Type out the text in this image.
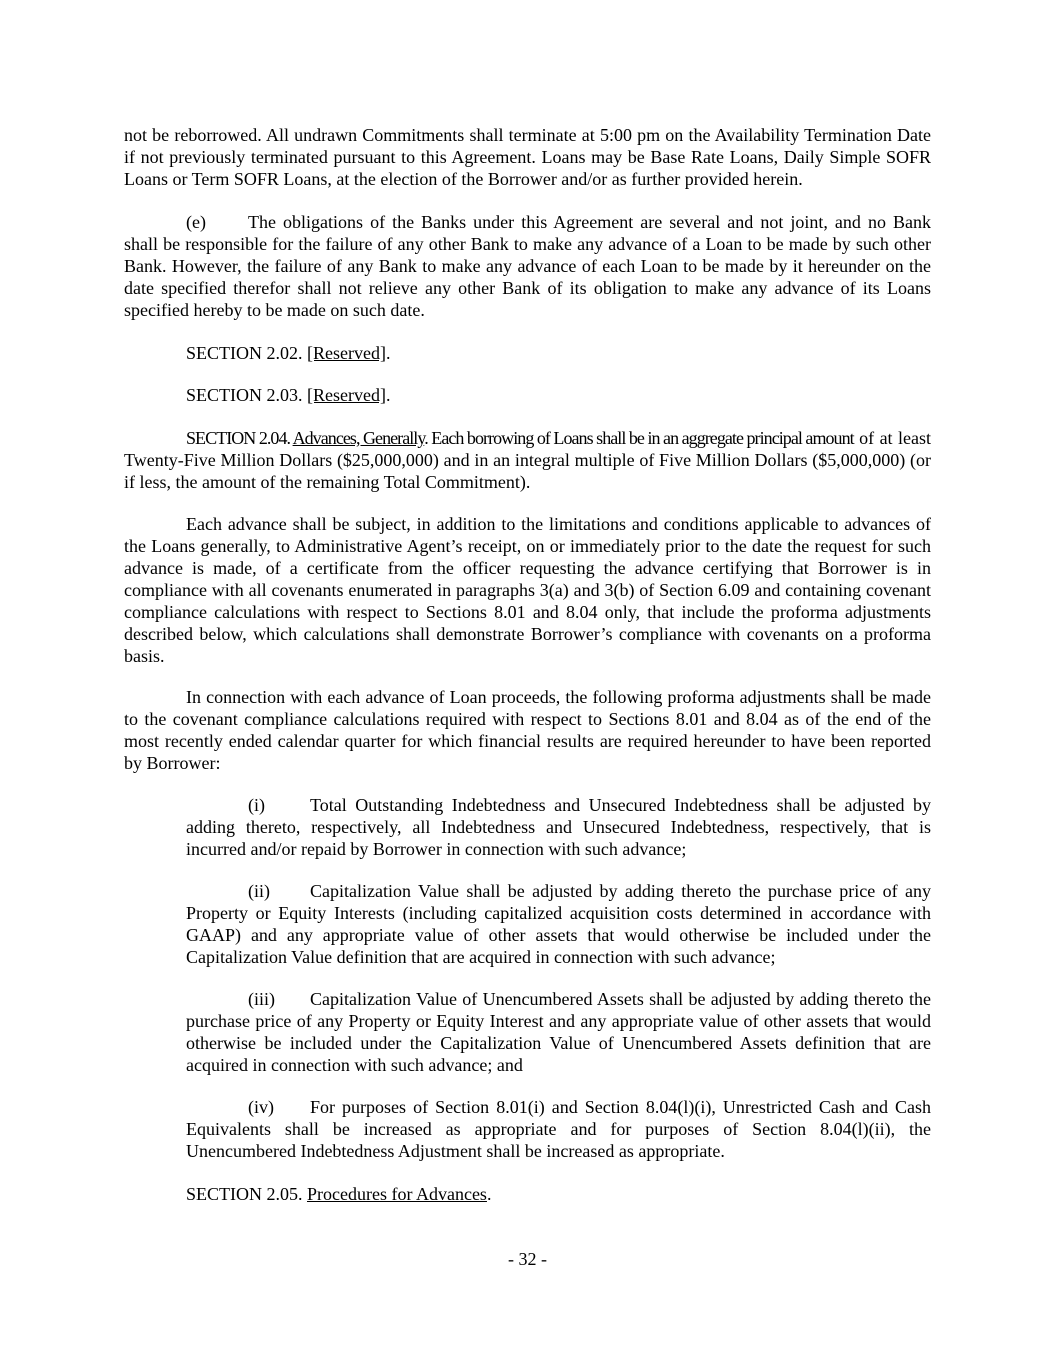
not be reborrowed. All undrawn Commitments shall terminate at 5:00 pm on the Availability Termination Date if not previously terminated pursuant to this Agreement. Loans may be Base Rate Loans, Daily Simple SOFR Loans or Term SOFR Loans, at the election of the Borrower and/or as further provided herein.

(e) The obligations of the Banks under this Agreement are several and not joint, and no Bank shall be responsible for the failure of any other Bank to make any advance of a Loan to be made by such other Bank. However, the failure of any Bank to make any advance of each Loan to be made by it hereunder on the date specified therefor shall not relieve any other Bank of its obligation to make any advance of its Loans specified hereby to be made on such date.

SECTION 2.02. [Reserved].

SECTION 2.03. [Reserved].

SECTION 2.04. Advances, Generally. Each borrowing of Loans shall be in an aggregate principal amount of at least Twenty-Five Million Dollars ($25,000,000) and in an integral multiple of Five Million Dollars ($5,000,000) (or if less, the amount of the remaining Total Commitment).

Each advance shall be subject, in addition to the limitations and conditions applicable to advances of the Loans generally, to Administrative Agent’s receipt, on or immediately prior to the date the request for such advance is made, of a certificate from the officer requesting the advance certifying that Borrower is in compliance with all covenants enumerated in paragraphs 3(a) and 3(b) of Section 6.09 and containing covenant compliance calculations with respect to Sections 8.01 and 8.04 only, that include the proforma adjustments described below, which calculations shall demonstrate Borrower’s compliance with covenants on a proforma basis.

In connection with each advance of Loan proceeds, the following proforma adjustments shall be made to the covenant compliance calculations required with respect to Sections 8.01 and 8.04 as of the end of the most recently ended calendar quarter for which financial results are required hereunder to have been reported by Borrower:

(i)	Total Outstanding Indebtedness and Unsecured Indebtedness shall be adjusted by adding thereto, respectively, all Indebtedness and Unsecured Indebtedness, respectively, that is incurred and/or repaid by Borrower in connection with such advance;

(ii) Capitalization Value shall be adjusted by adding thereto the purchase price of any Property or Equity Interests (including capitalized acquisition costs determined in accordance with GAAP) and any appropriate value of other assets that would otherwise be included under the Capitalization Value definition that are acquired in connection with such advance;

(iii) Capitalization Value of Unencumbered Assets shall be adjusted by adding thereto the purchase price of any Property or Equity Interest and any appropriate value of other assets that would otherwise be included under the Capitalization Value of Unencumbered Assets definition that are acquired in connection with such advance; and

(iv) For purposes of Section 8.01(i) and Section 8.04(l)(i), Unrestricted Cash and Cash Equivalents shall be increased as appropriate and for purposes of Section 8.04(l)(ii), the Unencumbered Indebtedness Adjustment shall be increased as appropriate.

SECTION 2.05. Procedures for Advances.

- 32 -
